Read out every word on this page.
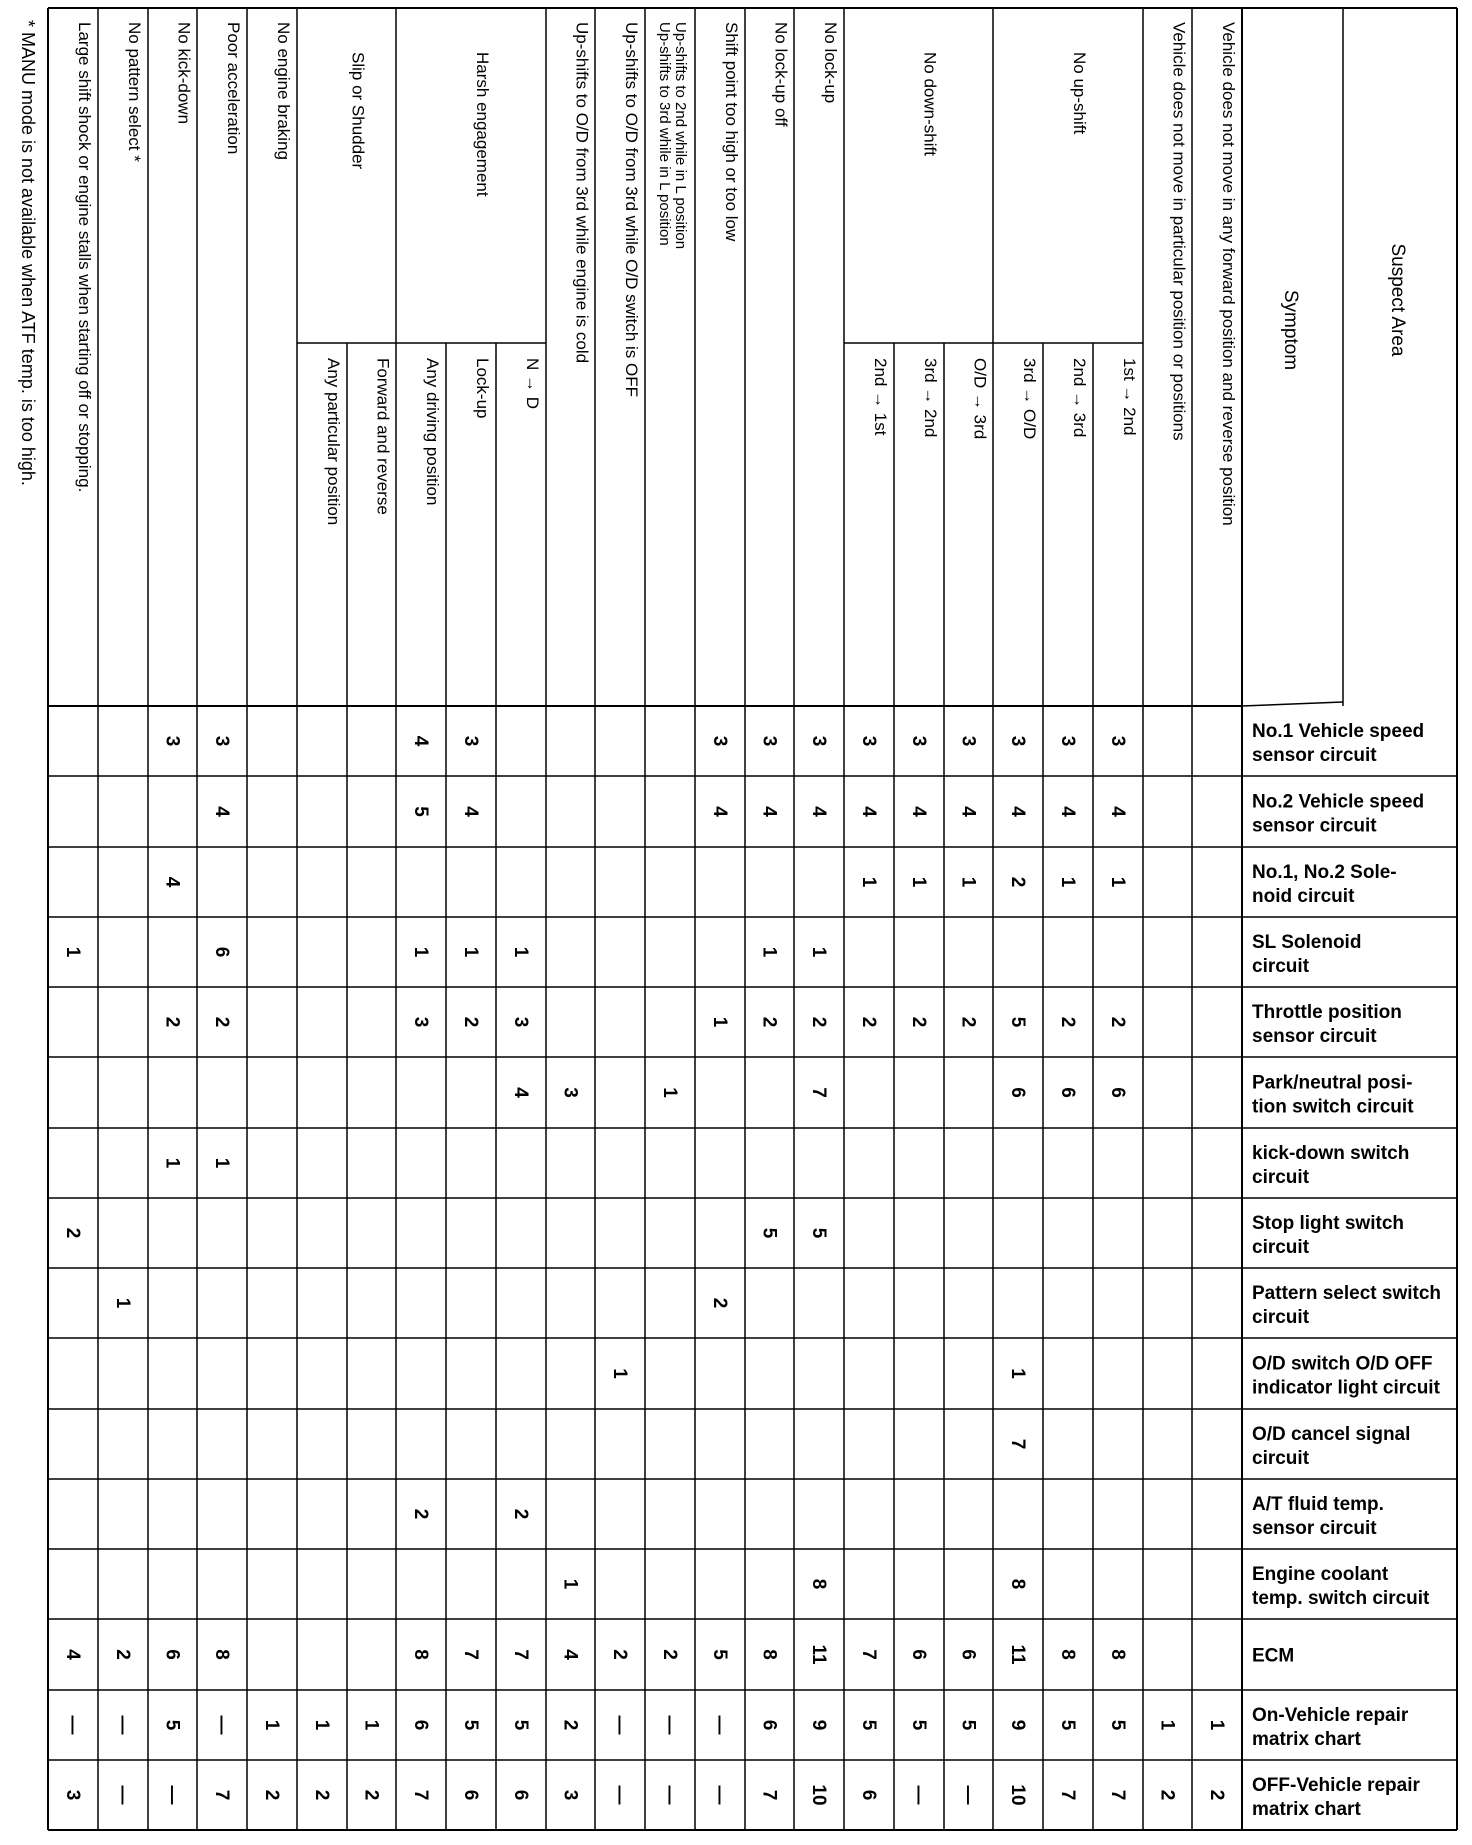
No.1 Vehicle speed
sensor circuit
No.2 Vehicle speed
sensor circuit
No.1, No.2 Sole-
noid circuit
SL Solenoid
circuit
Throttle position
sensor circuit
Park/neutral posi-
tion switch circuit
kick-down switch
circuit
Stop light switch
circuit
Pattern select switch
circuit
O/D switch O/D OFF
indicator light circuit
O/D cancel signal
circuit
A/T fluid temp.
sensor circuit
Engine coolant
temp. switch circuit
ECM
On-Vehicle repair
matrix chart
OFF-Vehicle repair
matrix chart
Suspect Area
Symptom
Vehicle does not move in any forward position and reverse position
Vehicle does not move in particular position or positions
No up-shift
1st → 2nd
2nd → 3rd
3rd → O/D
No down-shift
O/D → 3rd
3rd → 2nd
2nd → 1st
No lock-up
No lock-up off
Shift point too high or too low
Up-shifts to 2nd while in L position
Up-shifts to 3rd while in L position
Up-shifts to O/D from 3rd while O/D switch is OFF
Up-shifts to O/D from 3rd while engine is cold
Harsh engagement
N → D
Lock-up
Any driving position
Slip or Shudder
Forward and reverse
Any particular position
No engine braking
Poor acceleration
No kick-down
No pattern select *
Large shift shock or engine stalls when starting off or stopping.
1
2
1
2
3
4
1
2
6
8
5
7
3
4
1
2
6
8
5
7
3
4
2
5
6
1
7
8
11
9
10
3
4
1
2
6
5
—
3
4
1
2
6
5
—
3
4
1
2
7
5
6
3
4
1
2
7
5
8
11
9
10
3
4
1
2
5
8
6
7
3
4
1
2
5
—
—
1
2
—
—
1
2
—
—
3
1
4
2
3
1
3
4
2
7
5
6
3
4
1
2
7
5
6
4
5
1
3
2
8
6
7
1
2
1
2
1
2
3
4
6
2
1
8
—
7
3
4
2
1
6
5
—
1
2
—
—
1
2
4
—
3
* MANU mode is not available when ATF temp. is too high.
